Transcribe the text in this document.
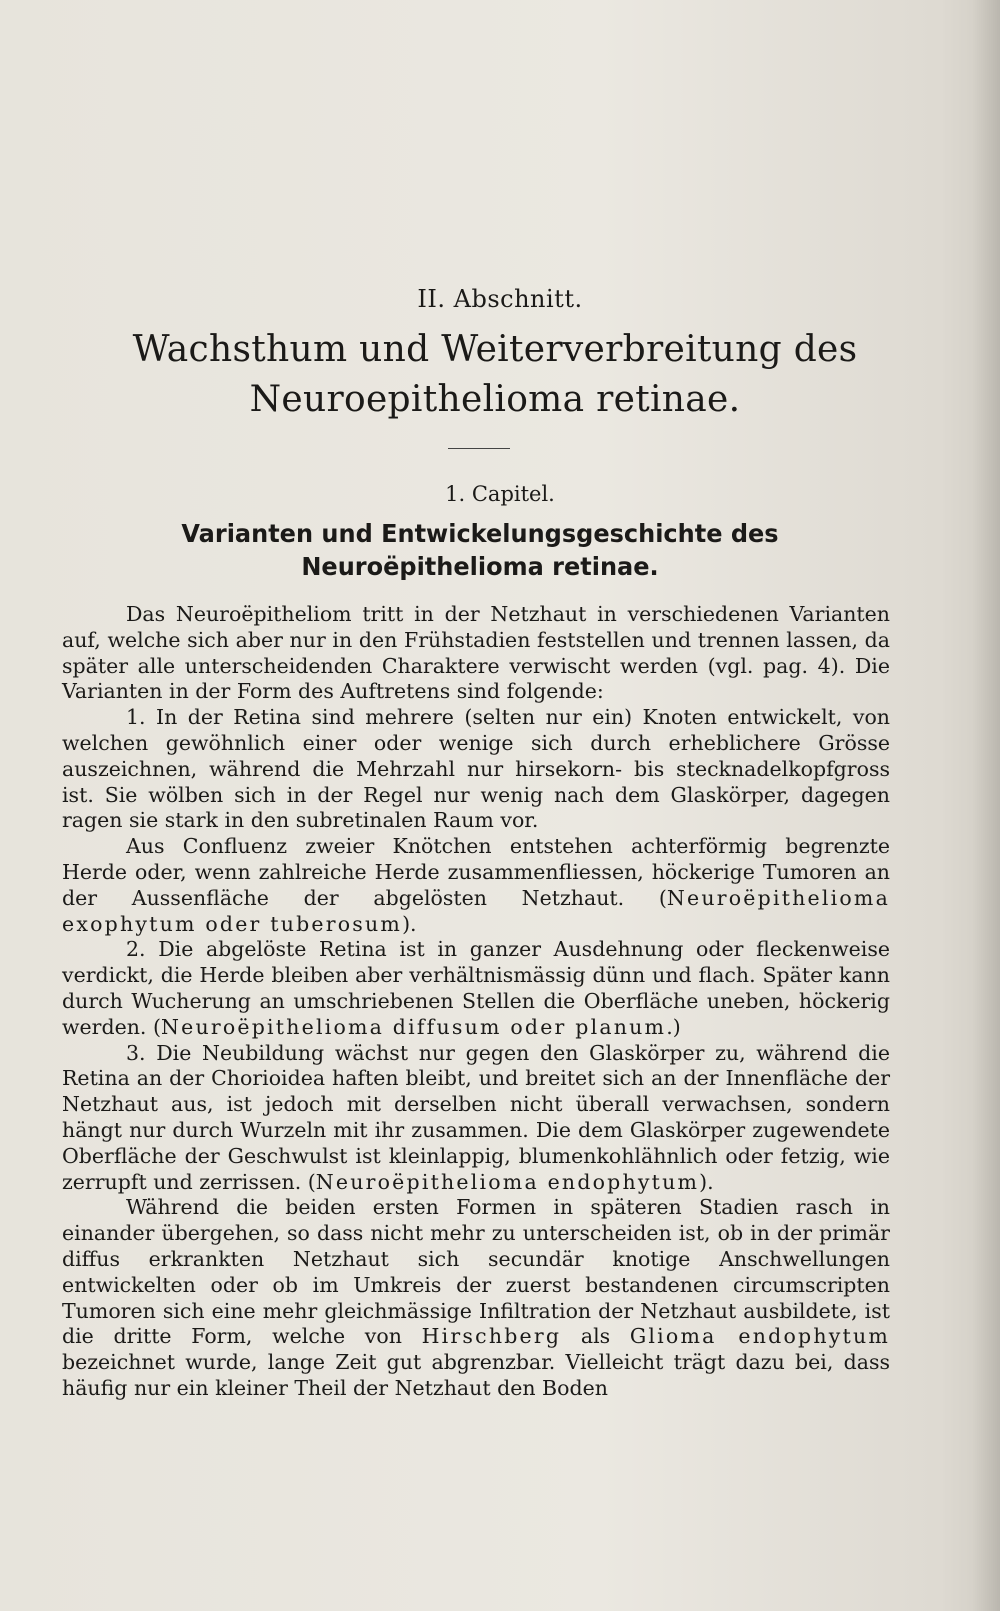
II. Abschnitt.
Wachsthum und Weiterverbreitung des Neuroepithelioma retinae.
1. Capitel.
Varianten und Entwickelungsgeschichte des Neuroëpithelioma retinae.

Das Neuroëpitheliom tritt in der Netzhaut in verschiedenen Varianten auf, welche sich aber nur in den Frühstadien feststellen und trennen lassen, da später alle unterscheidenden Charaktere verwischt werden (vgl. pag. 4). Die Varianten in der Form des Auftretens sind folgende:

1. In der Retina sind mehrere (selten nur ein) Knoten entwickelt, von welchen gewöhnlich einer oder wenige sich durch erheblichere Grösse auszeichnen, während die Mehrzahl nur hirsekorn- bis stecknadelkopfgross ist. Sie wölben sich in der Regel nur wenig nach dem Glaskörper, dagegen ragen sie stark in den subretinalen Raum vor.

Aus Confluenz zweier Knötchen entstehen achterförmig begrenzte Herde oder, wenn zahlreiche Herde zusammenfliessen, höckerige Tumoren an der Aussenfläche der abgelösten Netzhaut. (Neuroëpithelioma exophytum oder tuberosum).

2. Die abgelöste Retina ist in ganzer Ausdehnung oder fleckenweise verdickt, die Herde bleiben aber verhältnismässig dünn und flach. Später kann durch Wucherung an umschriebenen Stellen die Oberfläche uneben, höckerig werden. (Neuroëpithelioma diffusum oder planum.)

3. Die Neubildung wächst nur gegen den Glaskörper zu, während die Retina an der Chorioidea haften bleibt, und breitet sich an der Innenfläche der Netzhaut aus, ist jedoch mit derselben nicht überall verwachsen, sondern hängt nur durch Wurzeln mit ihr zusammen. Die dem Glaskörper zugewendete Oberfläche der Geschwulst ist kleinlappig, blumenkohlähnlich oder fetzig, wie zerrupft und zerrissen. (Neuroëpithelioma endophytum).

Während die beiden ersten Formen in späteren Stadien rasch in einander übergehen, so dass nicht mehr zu unterscheiden ist, ob in der primär diffus erkrankten Netzhaut sich secundär knotige Anschwellungen entwickelten oder ob im Umkreis der zuerst bestandenen circumscripten Tumoren sich eine mehr gleichmässige Infiltration der Netzhaut ausbildete, ist die dritte Form, welche von Hirschberg als Glioma endophytum bezeichnet wurde, lange Zeit gut abgrenzbar. Vielleicht trägt dazu bei, dass häufig nur ein kleiner Theil der Netzhaut den Boden
